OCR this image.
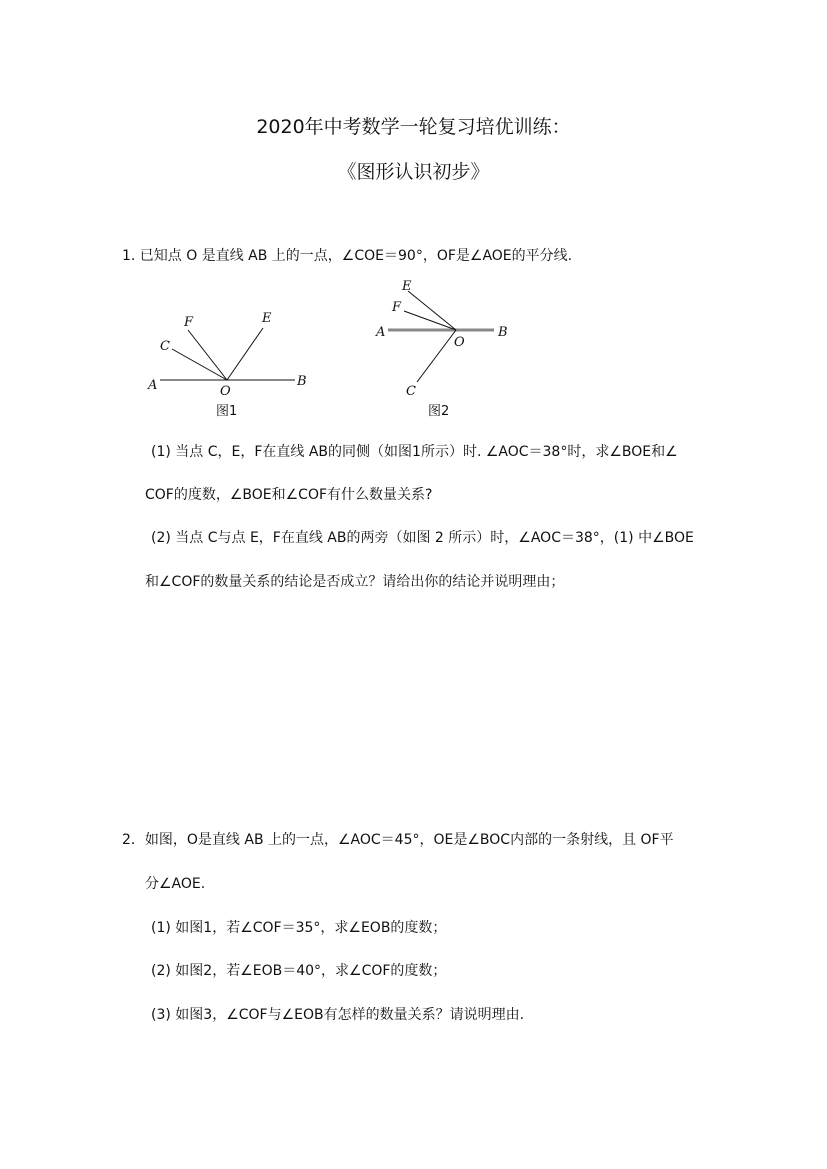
2020年中考数学一轮复习培优训练：
《图形认识初步》
1. 已知点 O 是直线 AB 上的一点，∠COE＝90°，OF是∠AOE的平分线.
A	B
O
C
F	E
图1
A	B
O
E
F
C
图2
(1) 当点 C，E，F在直线 AB的同侧（如图1所示）时. ∠AOC＝38°时，求∠BOE和∠
COF的度数，∠BOE和∠COF有什么数量关系?
(2) 当点 C与点 E，F在直线 AB的两旁（如图 2 所示）时，∠AOC＝38°，(1) 中∠BOE
和∠COF的数量关系的结论是否成立？请给出你的结论并说明理由；
2．如图，O是直线 AB 上的一点，∠AOC＝45°，OE是∠BOC内部的一条射线，且 OF平
分∠AOE.
(1) 如图1，若∠COF＝35°，求∠EOB的度数；
(2) 如图2，若∠EOB＝40°，求∠COF的度数；
(3) 如图3，∠COF与∠EOB有怎样的数量关系？请说明理由.
